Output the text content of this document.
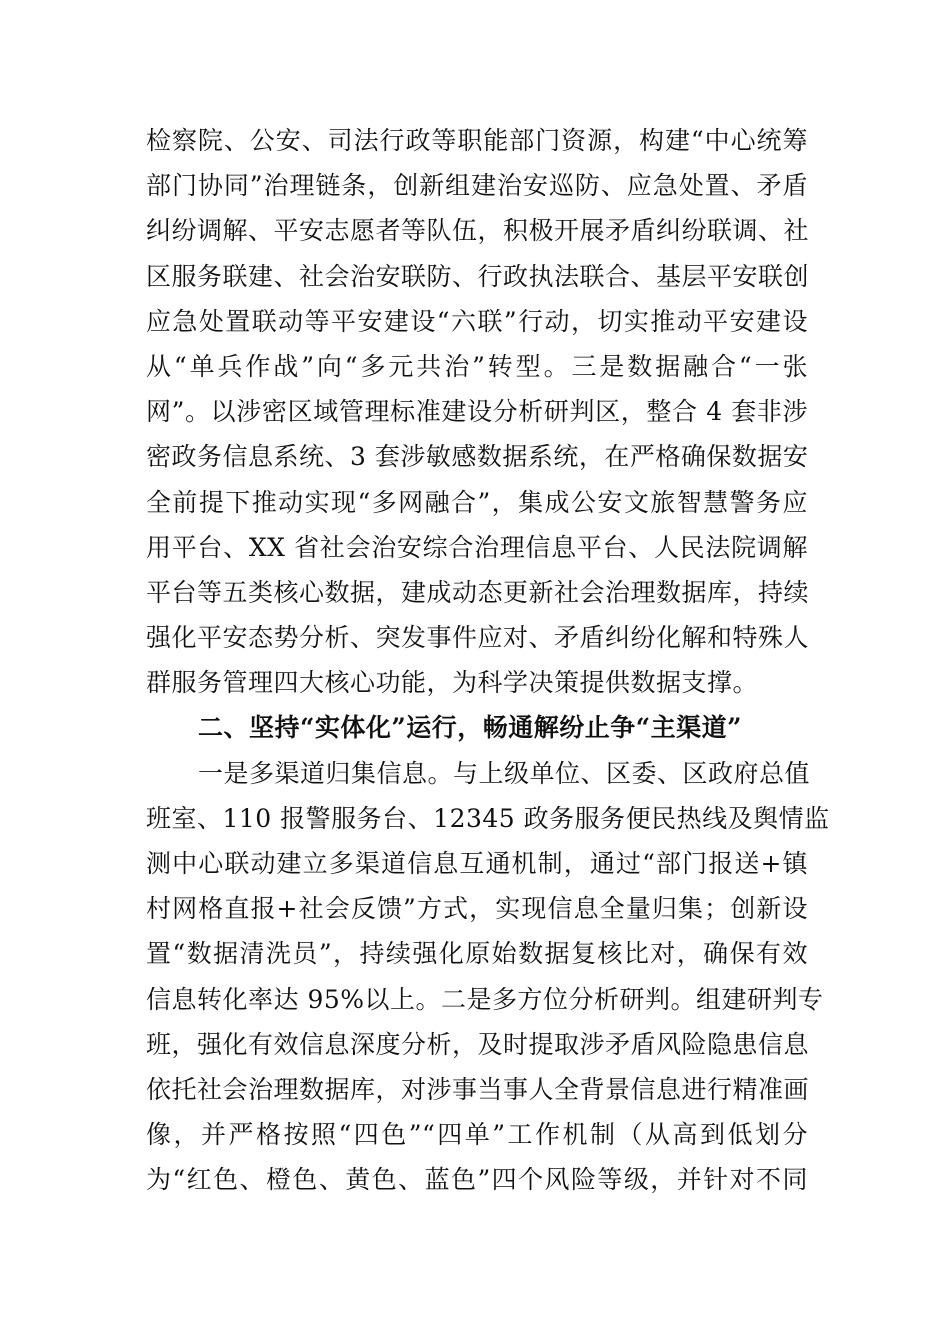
检察院、公安、司法行政等职能部门资源，构建“中心统筹
部门协同”治理链条，创新组建治安巡防、应急处置、矛盾
纠纷调解、平安志愿者等队伍，积极开展矛盾纠纷联调、社
区服务联建、社会治安联防、行政执法联合、基层平安联创
应急处置联动等平安建设“六联”行动，切实推动平安建设
从“单兵作战”向“多元共治”转型。三是数据融合“一张
网”。以涉密区域管理标准建设分析研判区，整合 4 套非涉
密政务信息系统、3 套涉敏感数据系统，在严格确保数据安
全前提下推动实现“多网融合”，集成公安文旅智慧警务应
用平台、XX 省社会治安综合治理信息平台、人民法院调解
平台等五类核心数据，建成动态更新社会治理数据库，持续
强化平安态势分析、突发事件应对、矛盾纠纷化解和特殊人
群服务管理四大核心功能，为科学决策提供数据支撑。
二、坚持“实体化”运行，畅通解纷止争“主渠道”
一是多渠道归集信息。与上级单位、区委、区政府总值
班室、110 报警服务台、12345 政务服务便民热线及舆情监
测中心联动建立多渠道信息互通机制，通过“部门报送+镇
村网格直报+社会反馈”方式，实现信息全量归集；创新设
置“数据清洗员”，持续强化原始数据复核比对，确保有效
信息转化率达 95%以上。二是多方位分析研判。组建研判专
班，强化有效信息深度分析，及时提取涉矛盾风险隐患信息
依托社会治理数据库，对涉事当事人全背景信息进行精准画
像，并严格按照“四色”“四单”工作机制（从高到低划分
为“红色、橙色、黄色、蓝色”四个风险等级，并针对不同
